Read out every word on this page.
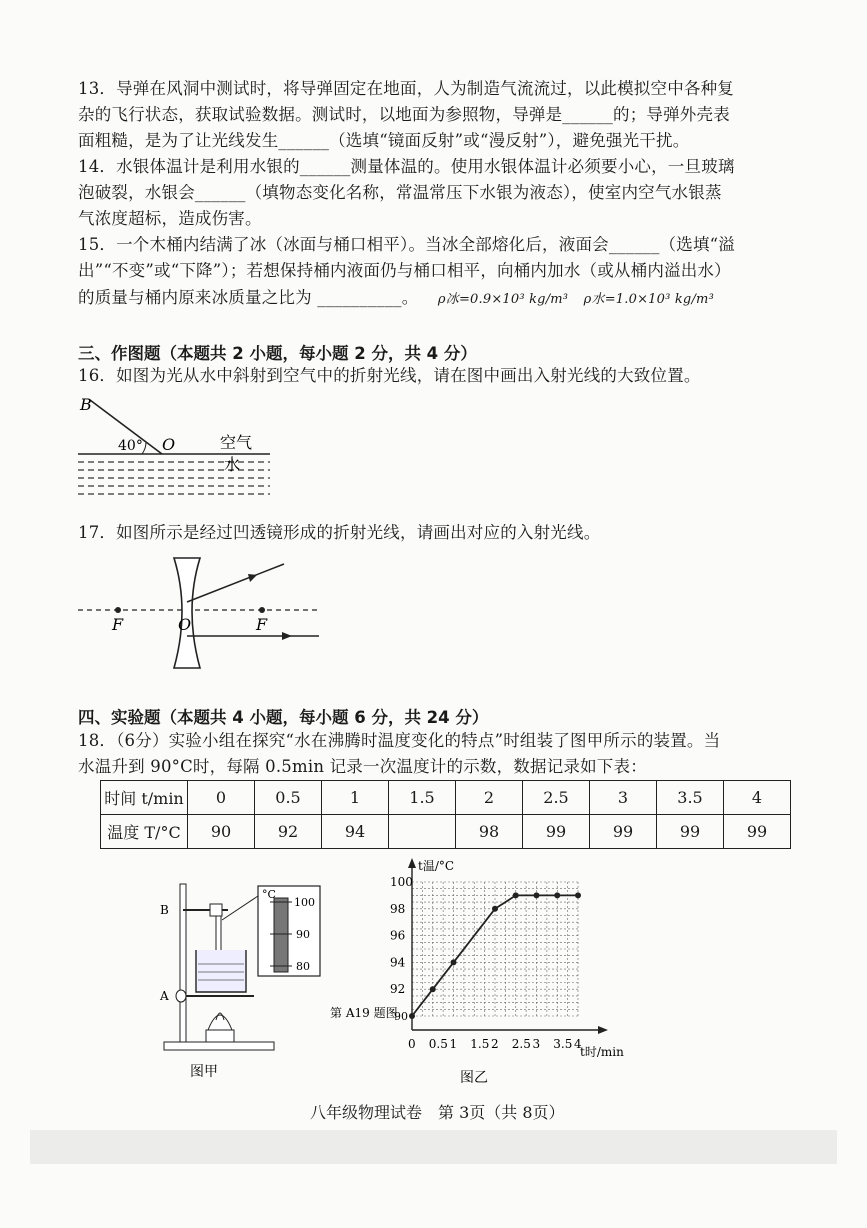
13．导弹在风洞中测试时，将导弹固定在地面，人为制造气流流过，以此模拟空中各种复
杂的飞行状态，获取试验数据。测试时，以地面为参照物，导弹是______的；导弹外壳表
面粗糙，是为了让光线发生______（选填“镜面反射”或“漫反射”），避免强光干扰。
14．水银体温计是利用水银的______测量体温的。使用水银体温计必须要小心，一旦玻璃
泡破裂，水银会______（填物态变化名称，常温常压下水银为液态），使室内空气水银蒸
气浓度超标，造成伤害。
15．一个木桶内结满了冰（冰面与桶口相平）。当冰全部熔化后，液面会______（选填“溢
出”“不变”或“下降”）；若想保持桶内液面仍与桶口相平，向桶内加水（或从桶内溢出水）
的质量与桶内原来冰质量之比为 __________。 ρ冰=0.9×10³ kg/m³ ρ水=1.0×10³ kg/m³
三、作图题（本题共 2 小题，每小题 2 分，共 4 分）
16．如图为光从水中斜射到空气中的折射光线，请在图中画出入射光线的大致位置。
B
40° O	空气
水
17．如图所示是经过凹透镜形成的折射光线，请画出对应的入射光线。
F	O	F
四、实验题（本题共 4 小题，每小题 6 分，共 24 分）
18．（6分）实验小组在探究“水在沸腾时温度变化的特点”时组装了图甲所示的装置。当
水温升到 90°C时，每隔 0.5min 记录一次温度计的示数，数据记录如下表：
时间 t/min	0	0.5	1	1.5	2	2.5	3	3.5	4
温度 T/°C	90	92	94		98	99	99	99	99
°C
100
90
80
B
A
图甲
0 0.5 1 1.5 2 2.5 3 3.5 4
92
94
96
98
100
90
t温/°C
t时/min
第 A19 题图
图乙
八年级物理试卷　第 3页（共 8页）
